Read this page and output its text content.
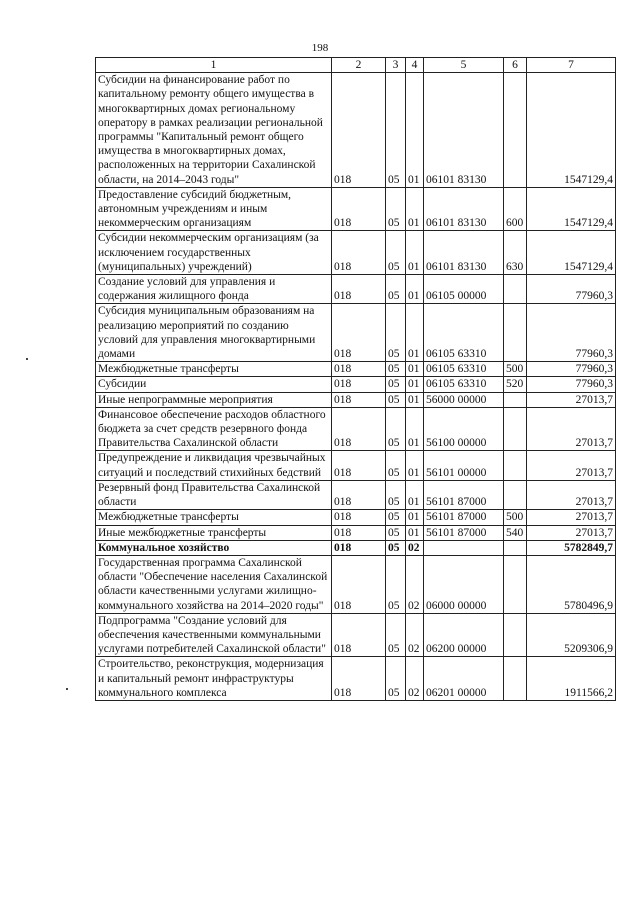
198
1	2	3	4	5	6	7
Субсидии на финансирование работ по капитальному ремонту общего имущества в многоквартирных домах региональному оператору в рамках реализации региональной программы "Капитальный ремонт общего имущества в многоквартирных домах, расположенных на территории Сахалинской области, на 2014–2043 годы"	018	05	01	06101 83130		1547129,4
Предоставление субсидий бюджетным, автономным учреждениям и иным некоммерческим организациям	018	05	01	06101 83130	600	1547129,4
Субсидии некоммерческим организациям (за исключением государственных (муниципальных) учреждений)	018	05	01	06101 83130	630	1547129,4
Создание условий для управления и содержания жилищного фонда	018	05	01	06105 00000		77960,3
Субсидия муниципальным образованиям на реализацию мероприятий по созданию условий для управления многоквартирными домами	018	05	01	06105 63310		77960,3
Межбюджетные трансферты	018	05	01	06105 63310	500	77960,3
Субсидии	018	05	01	06105 63310	520	77960,3
Иные непрограммные мероприятия	018	05	01	56000 00000		27013,7
Финансовое обеспечение расходов областного бюджета за счет средств резервного фонда Правительства Сахалинской области	018	05	01	56100 00000		27013,7
Предупреждение и ликвидация чрезвычайных ситуаций и последствий стихийных бедствий	018	05	01	56101 00000		27013,7
Резервный фонд Правительства Сахалинской области	018	05	01	56101 87000		27013,7
Межбюджетные трансферты	018	05	01	56101 87000	500	27013,7
Иные межбюджетные трансферты	018	05	01	56101 87000	540	27013,7
Коммунальное хозяйство	018	05	02			5782849,7
Государственная программа Сахалинской области "Обеспечение населения Сахалинской области качественными услугами жилищно-коммунального хозяйства на 2014–2020 годы"	018	05	02	06000 00000		5780496,9
Подпрограмма "Создание условий для обеспечения качественными коммунальными услугами потребителей Сахалинской области"	018	05	02	06200 00000		5209306,9
Строительство, реконструкция, модернизация и капитальный ремонт инфраструктуры коммунального комплекса	018	05	02	06201 00000		1911566,2
